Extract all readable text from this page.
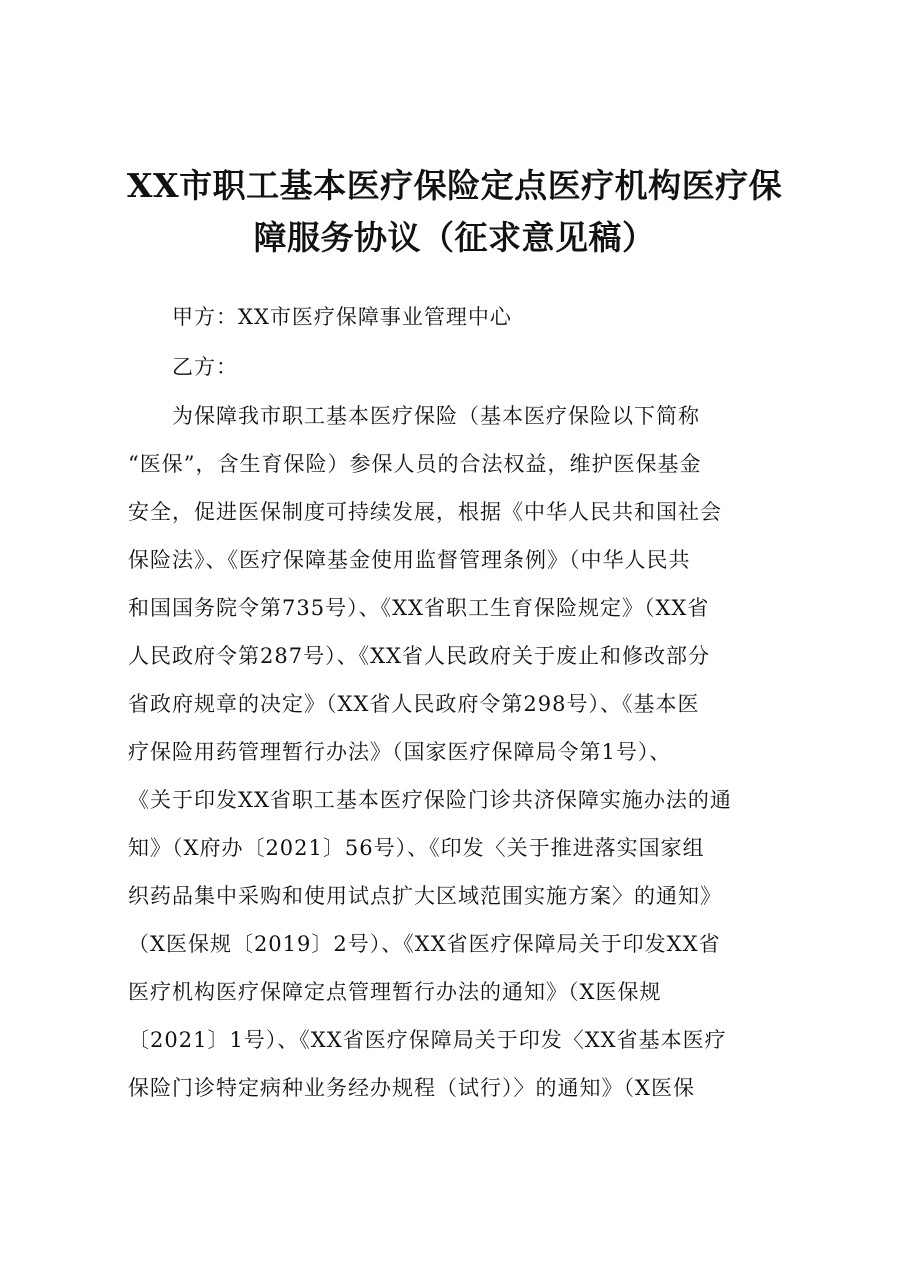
XX市职工基本医疗保险定点医疗机构医疗保
障服务协议（征求意见稿）
甲方：XX市医疗保障事业管理中心
乙方：
为保障我市职工基本医疗保险（基本医疗保险以下简称
“医保”，含生育保险）参保人员的合法权益，维护医保基金
安全，促进医保制度可持续发展，根据《中华人民共和国社会
保险法》、《医疗保障基金使用监督管理条例》（中华人民共
和国国务院令第735号）、《XX省职工生育保险规定》（XX省
人民政府令第287号）、《XX省人民政府关于废止和修改部分
省政府规章的决定》（XX省人民政府令第298号）、《基本医
疗保险用药管理暂行办法》（国家医疗保障局令第1号）、
《关于印发XX省职工基本医疗保险门诊共济保障实施办法的通
知》（X府办〔2021〕56号）、《印发〈关于推进落实国家组
织药品集中采购和使用试点扩大区域范围实施方案〉的通知》
（X医保规〔2019〕2号）、《XX省医疗保障局关于印发XX省
医疗机构医疗保障定点管理暂行办法的通知》（X医保规
〔2021〕1号）、《XX省医疗保障局关于印发〈XX省基本医疗
保险门诊特定病种业务经办规程（试行）〉的通知》（X医保
